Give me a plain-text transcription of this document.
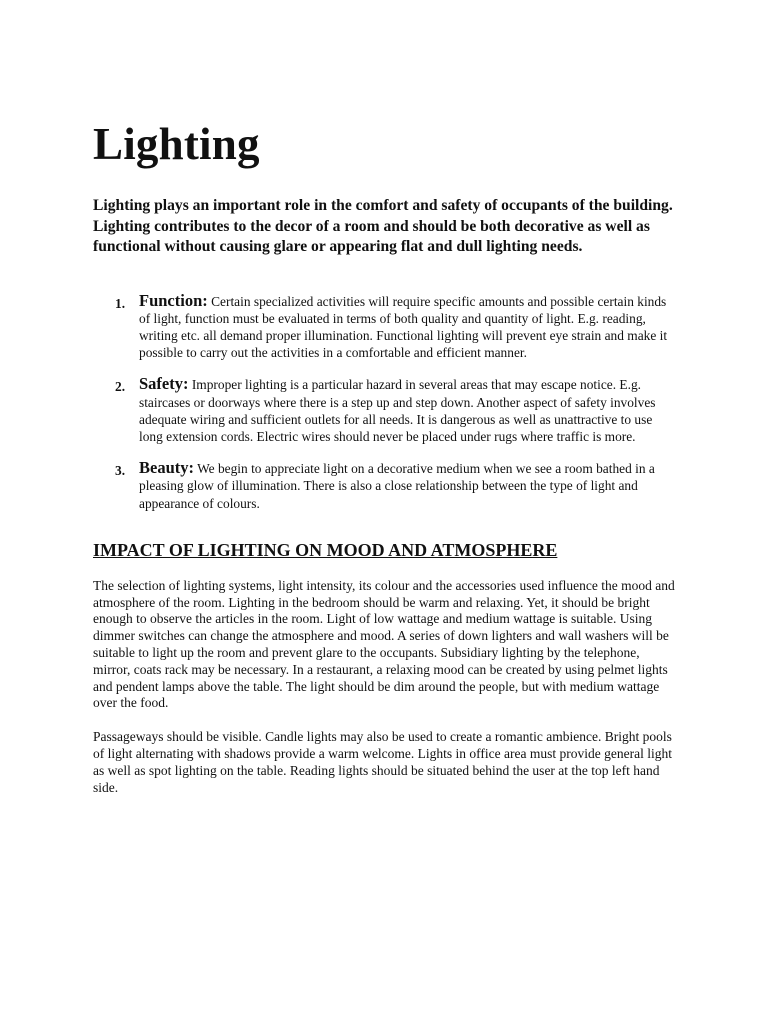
Lighting

Lighting plays an important role in the comfort and safety of occupants of the building. Lighting contributes to the decor of a room and should be both decorative as well as functional without causing glare or appearing flat and dull lighting needs.

1. Function: Certain specialized activities will require specific amounts and possible certain kinds of light, function must be evaluated in terms of both quality and quantity of light. E.g. reading, writing etc. all demand proper illumination. Functional lighting will prevent eye strain and make it possible to carry out the activities in a comfortable and efficient manner.
2. Safety: Improper lighting is a particular hazard in several areas that may escape notice. E.g. staircases or doorways where there is a step up and step down. Another aspect of safety involves adequate wiring and sufficient outlets for all needs. It is dangerous as well as unattractive to use long extension cords. Electric wires should never be placed under rugs where traffic is more.
3. Beauty: We begin to appreciate light on a decorative medium when we see a room bathed in a pleasing glow of illumination. There is also a close relationship between the type of light and appearance of colours.
IMPACT OF LIGHTING ON MOOD AND ATMOSPHERE

The selection of lighting systems, light intensity, its colour and the accessories used influence the mood and atmosphere of the room. Lighting in the bedroom should be warm and relaxing. Yet, it should be bright enough to observe the articles in the room. Light of low wattage and medium wattage is suitable. Using dimmer switches can change the atmosphere and mood. A series of down lighters and wall washers will be suitable to light up the room and prevent glare to the occupants. Subsidiary lighting by the telephone, mirror, coats rack may be necessary. In a restaurant, a relaxing mood can be created by using pelmet lights and pendent lamps above the table. The light should be dim around the people, but with medium wattage over the food.

Passageways should be visible. Candle lights may also be used to create a romantic ambience. Bright pools of light alternating with shadows provide a warm welcome. Lights in office area must provide general light as well as spot lighting on the table. Reading lights should be situated behind the user at the top left hand side.
